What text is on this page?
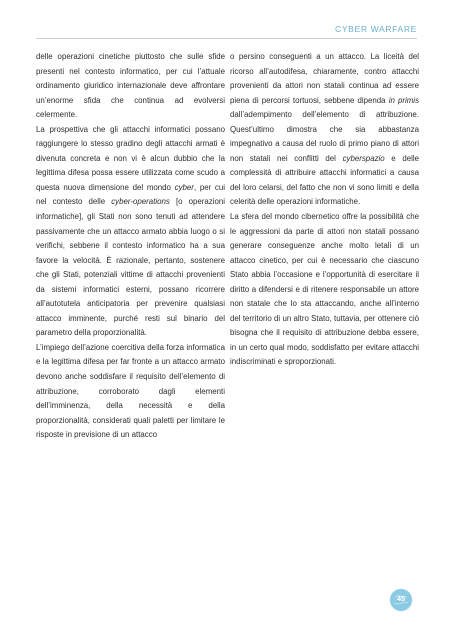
CYBER WARFARE

delle operazioni cinetiche piuttosto che sulle sfide presenti nel contesto informatico, per cui l’attuale ordinamento giuridico internazionale deve affrontare un’enorme sfida che continua ad evolversi celermente.

La prospettiva che gli attacchi informatici possano raggiungere lo stesso gradino degli attacchi armati è divenuta concreta e non vi è alcun dubbio che la legittima difesa possa essere utilizzata come scudo a questa nuova dimensione del mondo cyber, per cui nel contesto delle cyber-operations [o operazioni informatiche], gli Stati non sono tenuti ad attendere passivamente che un attacco armato abbia luogo o si verifichi, sebbene il contesto informatico ha a sua favore la velocità. È razionale, pertanto, sostenere che gli Stati, potenziali vittime di attacchi provenienti da sistemi informatici esterni, possano ricorrere all’autotutela anticipatoria per prevenire qualsiasi attacco imminente, purché resti sul binario del parametro della proporzionalità.

L’impiego dell’azione coercitiva della forza informatica e la legittima difesa per far fronte a un attacco armato devono anche soddisfare il requisito dell’elemento di attribuzione, corroborato dagli elementi dell’imminenza, della necessità e della proporzionalità, considerati quali paletti per limitare le risposte in previsione di un attacco

o persino conseguenti a un attacco. La liceità del ricorso all’autodifesa, chiaramente, contro attacchi provenienti da attori non statali continua ad essere piena di percorsi tortuosi, sebbene dipenda in primis dall’adempimento dell’elemento di attribuzione. Quest’ultimo dimostra che sia abbastanza impegnativo a causa del ruolo di primo piano di attori non statali nei conflitti del cyberspazio e delle complessità di attribuire attacchi informatici a causa del loro celarsi, del fatto che non vi sono limiti e della celerità delle operazioni informatiche.

La sfera del mondo cibernetico offre la possibilità che le aggressioni da parte di attori non statali possano generare conseguenze anche molto letali di un attacco cinetico, per cui è necessario che ciascuno Stato abbia l’occasione e l’opportunità di esercitare il diritto a difendersi e di ritenere responsabile un attore non statale che lo sta attaccando, anche all’interno del territorio di un altro Stato, tuttavia, per ottenere ciò bisogna che il requisito di attribuzione debba essere, in un certo qual modo, soddisfatto per evitare attacchi indiscriminati e sproporzionati.

45
